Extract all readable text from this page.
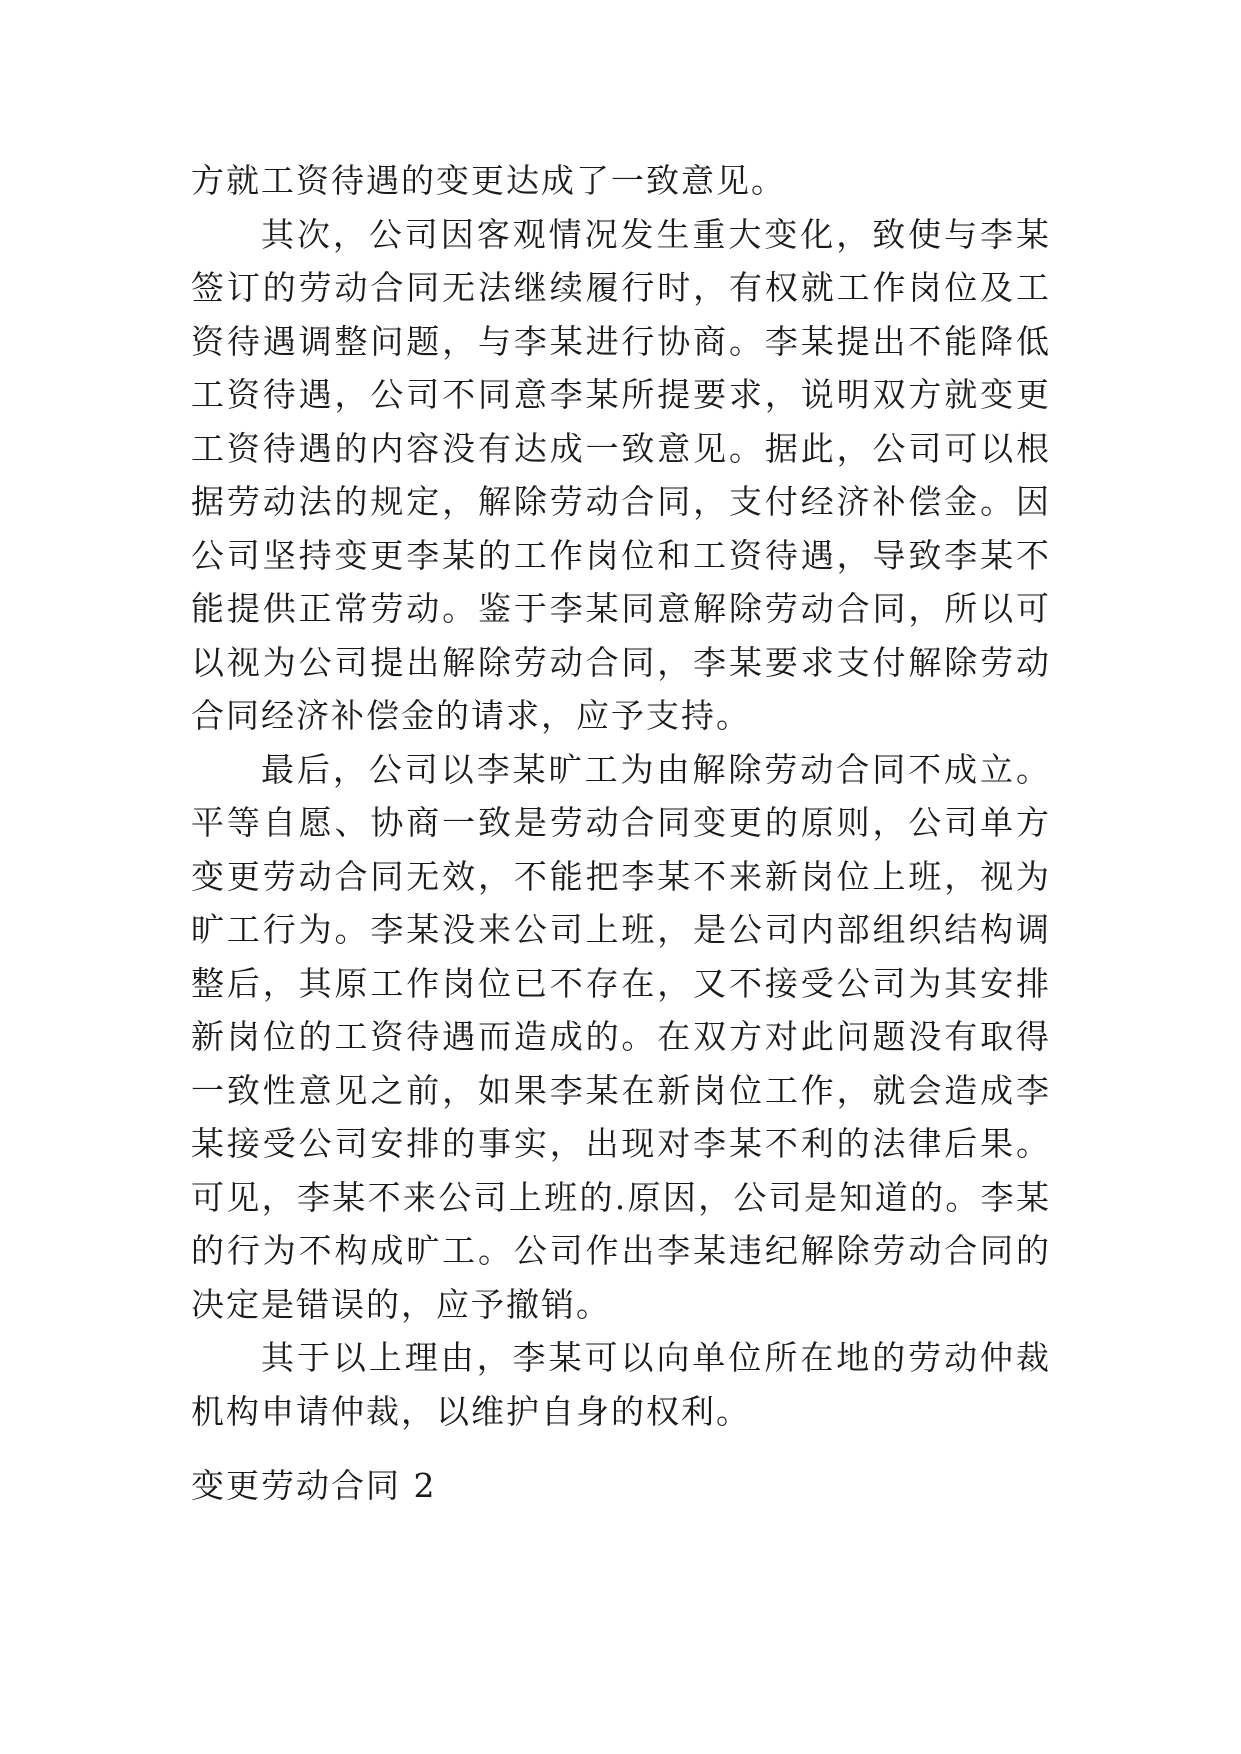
方就工资待遇的变更达成了一致意见。

其次，公司因客观情况发生重大变化，致使与李某签订的劳动合同无法继续履行时，有权就工作岗位及工资待遇调整问题，与李某进行协商。李某提出不能降低工资待遇，公司不同意李某所提要求，说明双方就变更工资待遇的内容没有达成一致意见。据此，公司可以根据劳动法的规定，解除劳动合同，支付经济补偿金。因公司坚持变更李某的工作岗位和工资待遇，导致李某不能提供正常劳动。鉴于李某同意解除劳动合同，所以可以视为公司提出解除劳动合同，李某要求支付解除劳动合同经济补偿金的请求，应予支持。

最后，公司以李某旷工为由解除劳动合同不成立。平等自愿、协商一致是劳动合同变更的原则，公司单方变更劳动合同无效，不能把李某不来新岗位上班，视为旷工行为。李某没来公司上班，是公司内部组织结构调整后，其原工作岗位已不存在，又不接受公司为其安排新岗位的工资待遇而造成的。在双方对此问题没有取得一致性意见之前，如果李某在新岗位工作，就会造成李某接受公司安排的事实，出现对李某不利的法律后果。可见，李某不来公司上班的.原因，公司是知道的。李某的行为不构成旷工。公司作出李某违纪解除劳动合同的决定是错误的，应予撤销。

其于以上理由，李某可以向单位所在地的劳动仲裁机构申请仲裁，以维护自身的权利。

变更劳动合同 2
